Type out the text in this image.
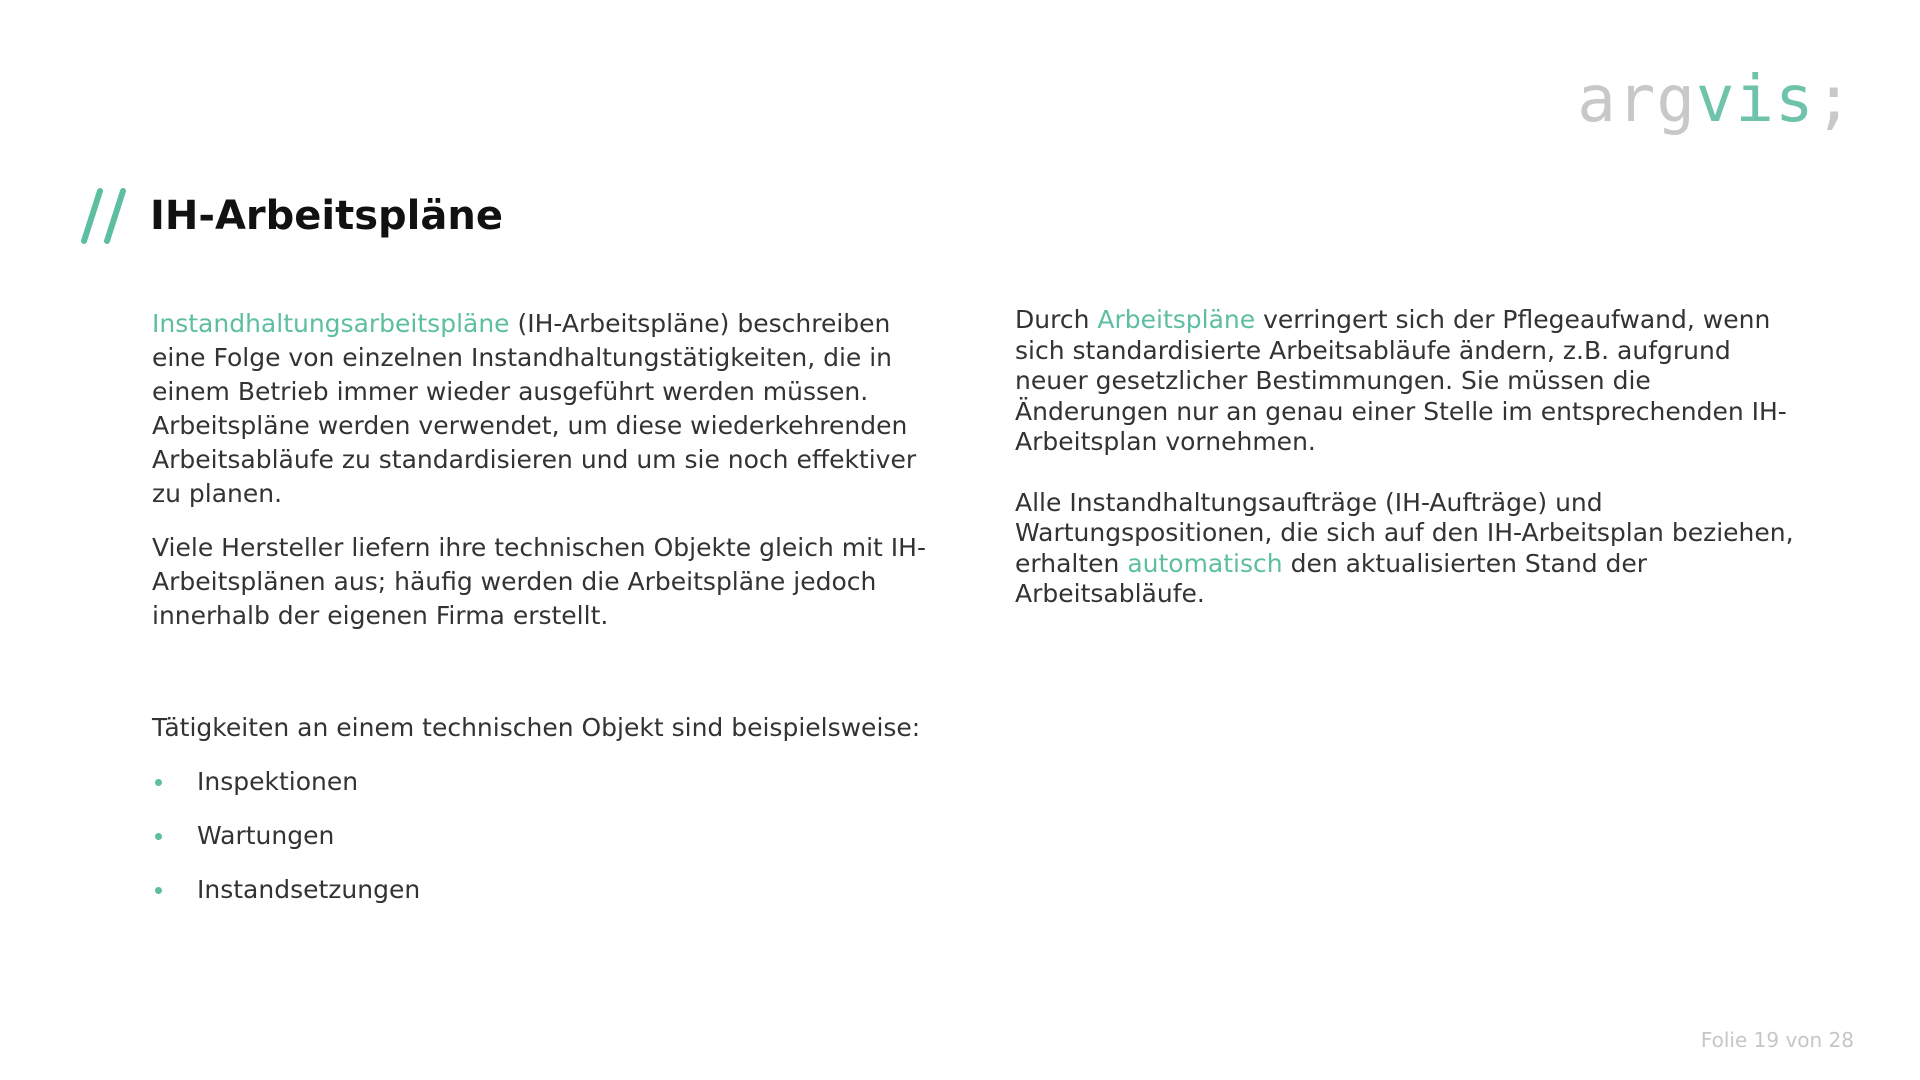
argvis;
IH-Arbeitspläne

Instandhaltungsarbeitspläne (IH-Arbeitspläne) beschreiben eine Folge von einzelnen Instandhaltungstätigkeiten, die in einem Betrieb immer wieder ausgeführt werden müssen. Arbeitspläne werden verwendet, um diese wiederkehrenden Arbeitsabläufe zu standardisieren und um sie noch effektiver zu planen.

Viele Hersteller liefern ihre technischen Objekte gleich mit IH-Arbeitsplänen aus; häufig werden die Arbeitspläne jedoch innerhalb der eigenen Firma erstellt.

Tätigkeiten an einem technischen Objekt sind beispielsweise:

Inspektionen
Wartungen
Instandsetzungen

Durch Arbeitspläne verringert sich der Pflegeaufwand, wenn sich standardisierte Arbeitsabläufe ändern, z.B. aufgrund neuer gesetzlicher Bestimmungen. Sie müssen die Änderungen nur an genau einer Stelle im entsprechenden IH-Arbeitsplan vornehmen.

Alle Instandhaltungsaufträge (IH-Aufträge) und Wartungspositionen, die sich auf den IH-Arbeitsplan beziehen, erhalten automatisch den aktualisierten Stand der Arbeitsabläufe.

Folie 19 von 28
